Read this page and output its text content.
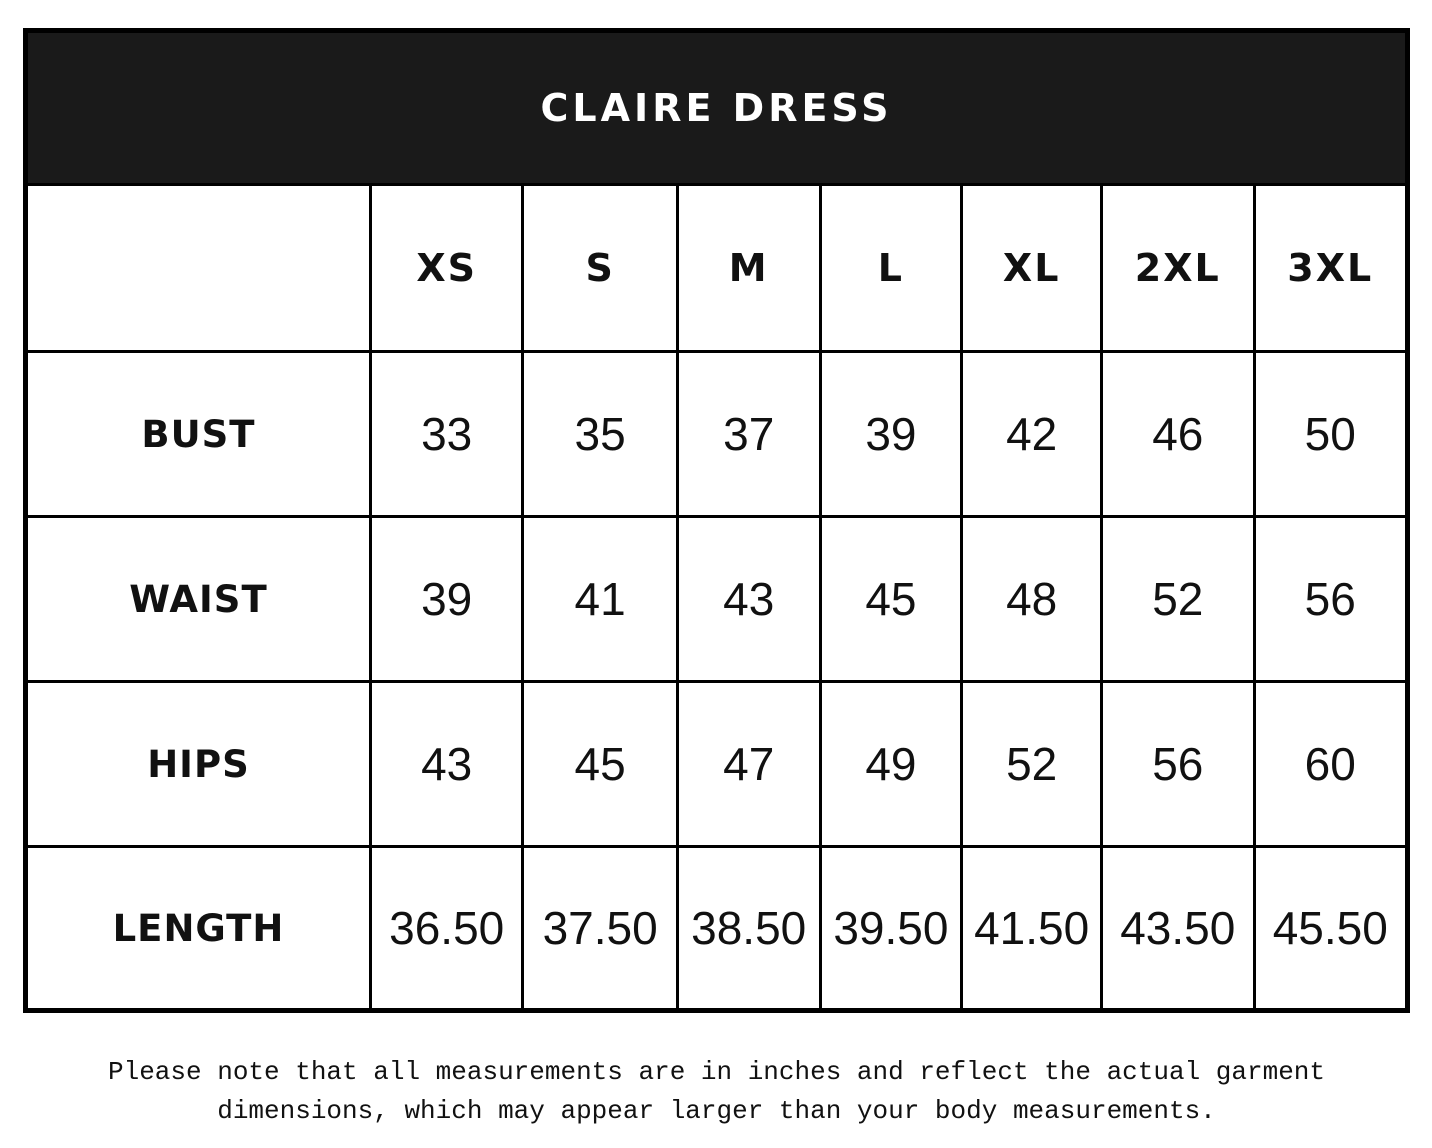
CLAIRE DRESS
XS	S	M	L	XL	2XL	3XL
BUST	33	35	37	39	42	46	50
WAIST	39	41	43	45	48	52	56
HIPS	43	45	47	49	52	56	60
LENGTH	36.50 37.50 38.50 39.50 41.50 43.50 45.50

Please note that all measurements are in inches and reflect the actual garment dimensions, which may appear larger than your body measurements.
